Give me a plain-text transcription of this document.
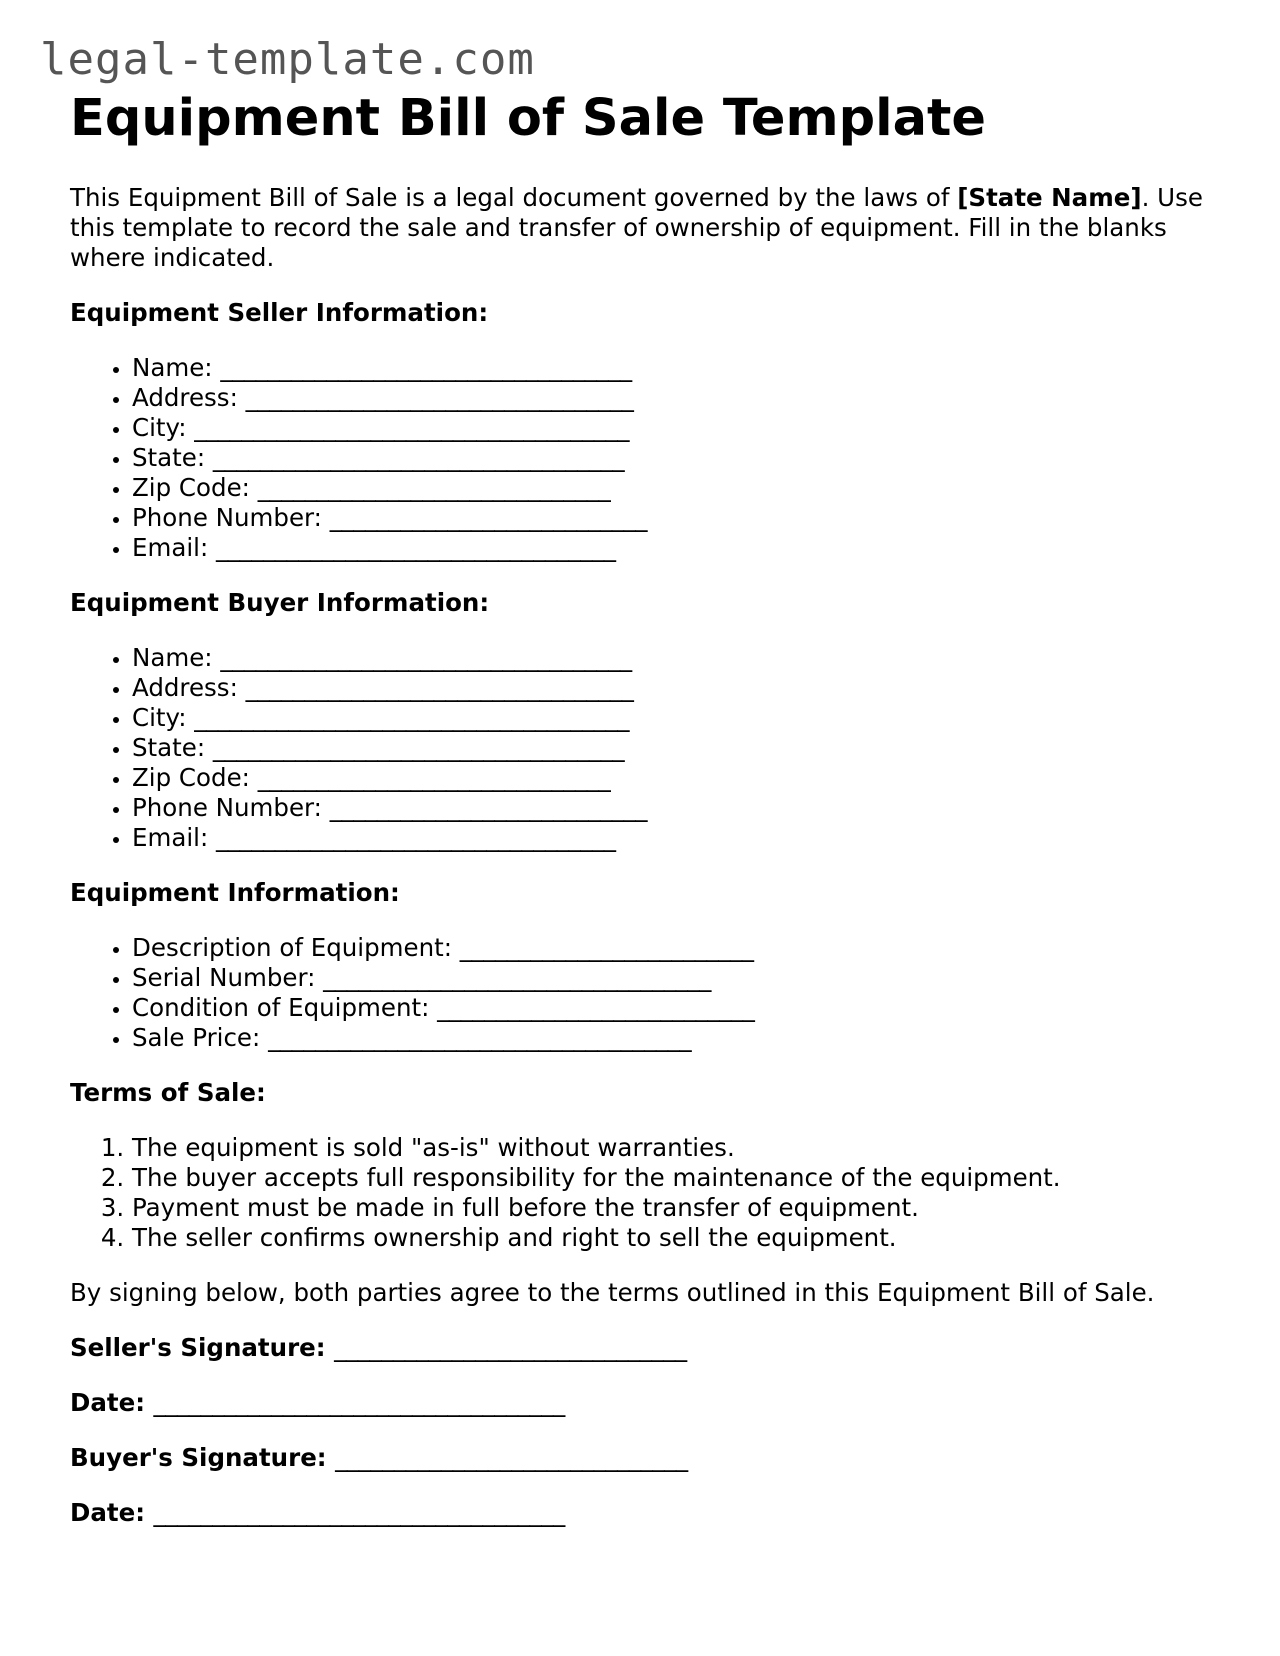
legal-template.com
Equipment Bill of Sale Template

This Equipment Bill of Sale is a legal document governed by the laws of [State Name]. Use this template to record the sale and transfer of ownership of equipment. Fill in the blanks where indicated.

Equipment Seller Information:

• Name: ___________________________________
• Address: _________________________________
• City: _____________________________________
• State: ___________________________________
• Zip Code: ______________________________
• Phone Number: ___________________________
• Email: __________________________________

Equipment Buyer Information:

• Name: ___________________________________
• Address: _________________________________
• City: _____________________________________
• State: ___________________________________
• Zip Code: ______________________________
• Phone Number: ___________________________
• Email: __________________________________

Equipment Information:

• Description of Equipment: _________________________
• Serial Number: _________________________________
• Condition of Equipment: ___________________________
• Sale Price: ____________________________________

Terms of Sale:

1. The equipment is sold "as-is" without warranties.
2. The buyer accepts full responsibility for the maintenance of the equipment.
3. Payment must be made in full before the transfer of equipment.
4. The seller confirms ownership and right to sell the equipment.

By signing below, both parties agree to the terms outlined in this Equipment Bill of Sale.

Seller's Signature: ______________________________

Date: ___________________________________

Buyer's Signature: ______________________________

Date: ___________________________________
